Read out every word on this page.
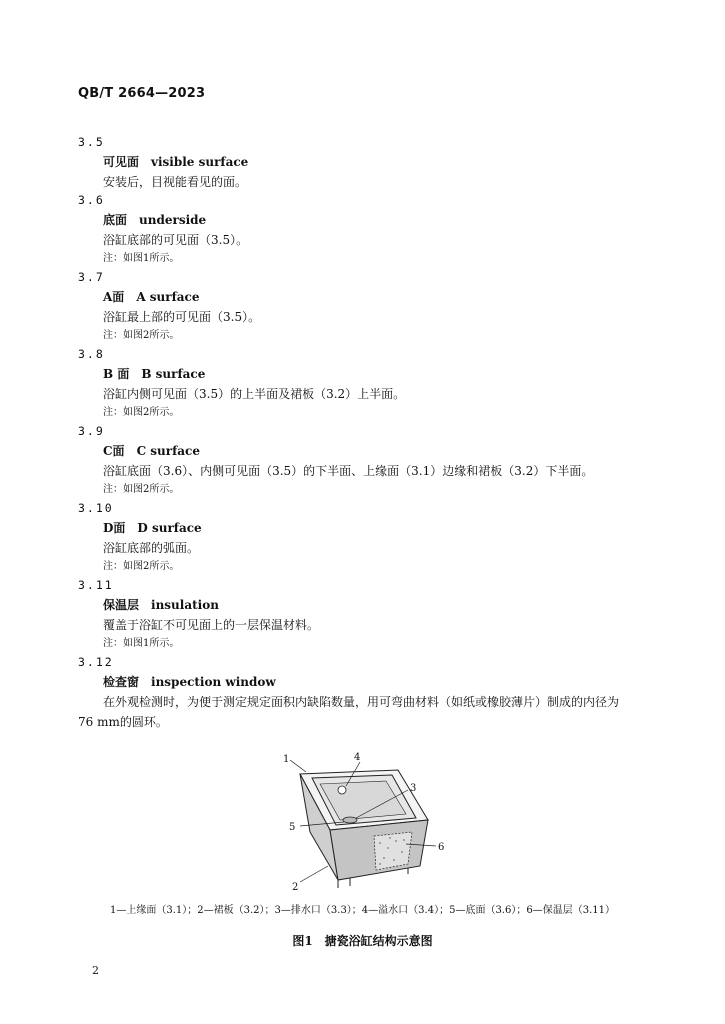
QB/T 2664—2023
3.5
可见面 visible surface
安装后，目视能看见的面。
3.6
底面 underside
浴缸底部的可见面（3.5）。
注：如图1所示。
3.7
A面 A surface
浴缸最上部的可见面（3.5）。
注：如图2所示。
3.8
B 面 B surface
浴缸内侧可见面（3.5）的上半面及裙板（3.2）上半面。
注：如图2所示。
3.9
C面 C surface
浴缸底面（3.6）、内侧可见面（3.5）的下半面、上缘面（3.1）边缘和裙板（3.2）下半面。
注：如图2所示。
3.10
D面 D surface
浴缸底部的弧面。
注：如图2所示。
3.11
保温层 insulation
覆盖于浴缸不可见面上的一层保温材料。
注：如图1所示。
3.12
检查窗 inspection window
在外观检测时，为便于测定规定面积内缺陷数量，用可弯曲材料（如纸或橡胶薄片）制成的内径为
76 mm的圆环。
1	4
3
5
6
2
1—上缘面（3.1）；2—裙板（3.2）；3—排水口（3.3）；4—溢水口（3.4）；5—底面（3.6）；6—保温层（3.11）
图1　搪瓷浴缸结构示意图
2
